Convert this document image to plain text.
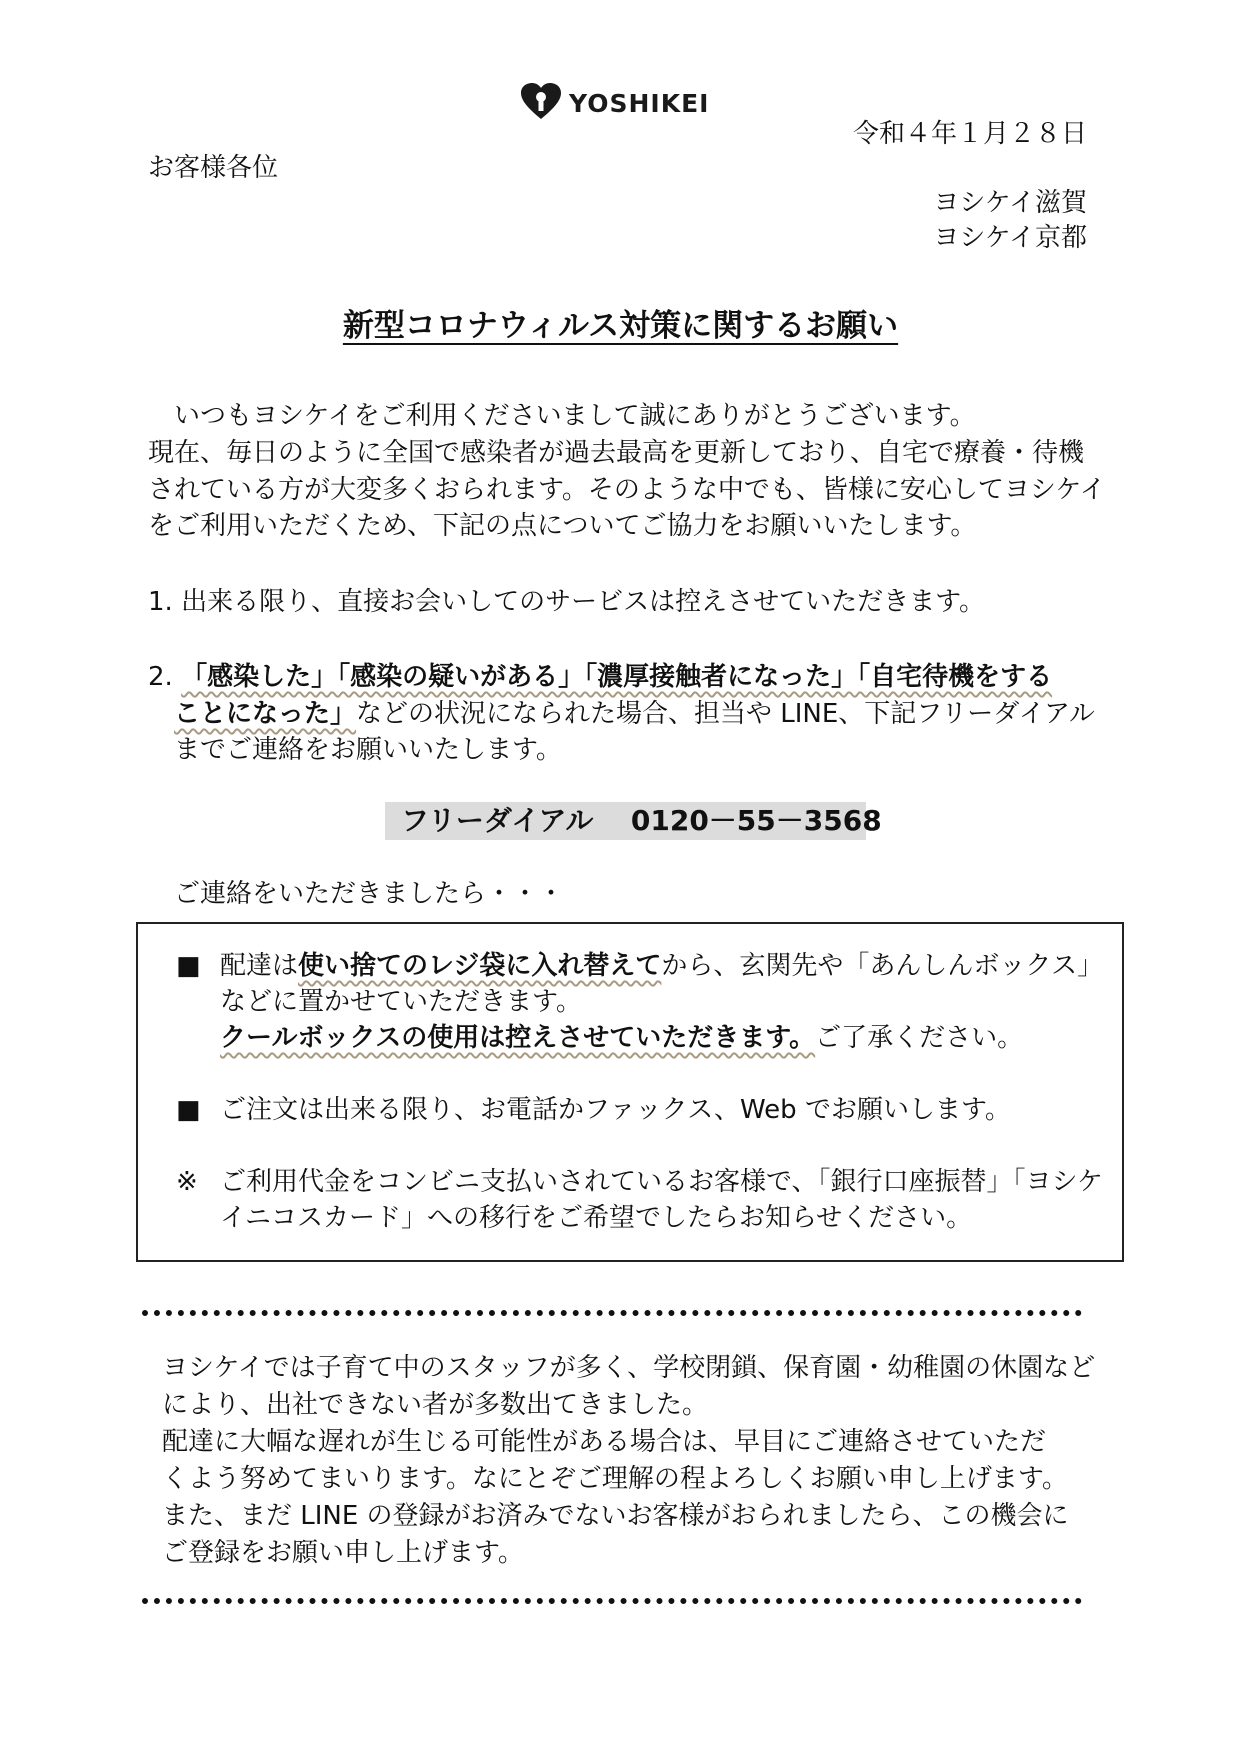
YOSHIKEI
令和４年１月２８日
お客様各位
ヨシケイ滋賀
ヨシケイ京都
新型コロナウィルス対策に関するお願い
いつもヨシケイをご利用くださいまして誠にありがとうございます。
現在、毎日のように全国で感染者が過去最高を更新しており、自宅で療養・待機
されている方が大変多くおられます。そのような中でも、皆様に安心してヨシケイ
をご利用いただくため、下記の点についてご協力をお願いいたします。
1. 出来る限り、直接お会いしてのサービスは控えさせていただきます。
2. 「感染した」「感染の疑いがある」「濃厚接触者になった」「自宅待機をする
ことになった」などの状況になられた場合、担当や LINE、下記フリーダイアル
までご連絡をお願いいたします。
フリーダイアル 0120－55－3568
ご連絡をいただきましたら・・・
■ 配達は使い捨てのレジ袋に入れ替えてから、玄関先や「あんしんボックス」
などに置かせていただきます。
クールボックスの使用は控えさせていただきます。ご了承ください。
■ ご注文は出来る限り、お電話かファックス、Web でお願いします。
※ ご利用代金をコンビニ支払いされているお客様で、「銀行口座振替」「ヨシケ
イニコスカード」への移行をご希望でしたらお知らせください。
ヨシケイでは子育て中のスタッフが多く、学校閉鎖、保育園・幼稚園の休園など
により、出社できない者が多数出てきました。
配達に大幅な遅れが生じる可能性がある場合は、早目にご連絡させていただ
くよう努めてまいります。なにとぞご理解の程よろしくお願い申し上げます。
また、まだ LINE の登録がお済みでないお客様がおられましたら、この機会に
ご登録をお願い申し上げます。
